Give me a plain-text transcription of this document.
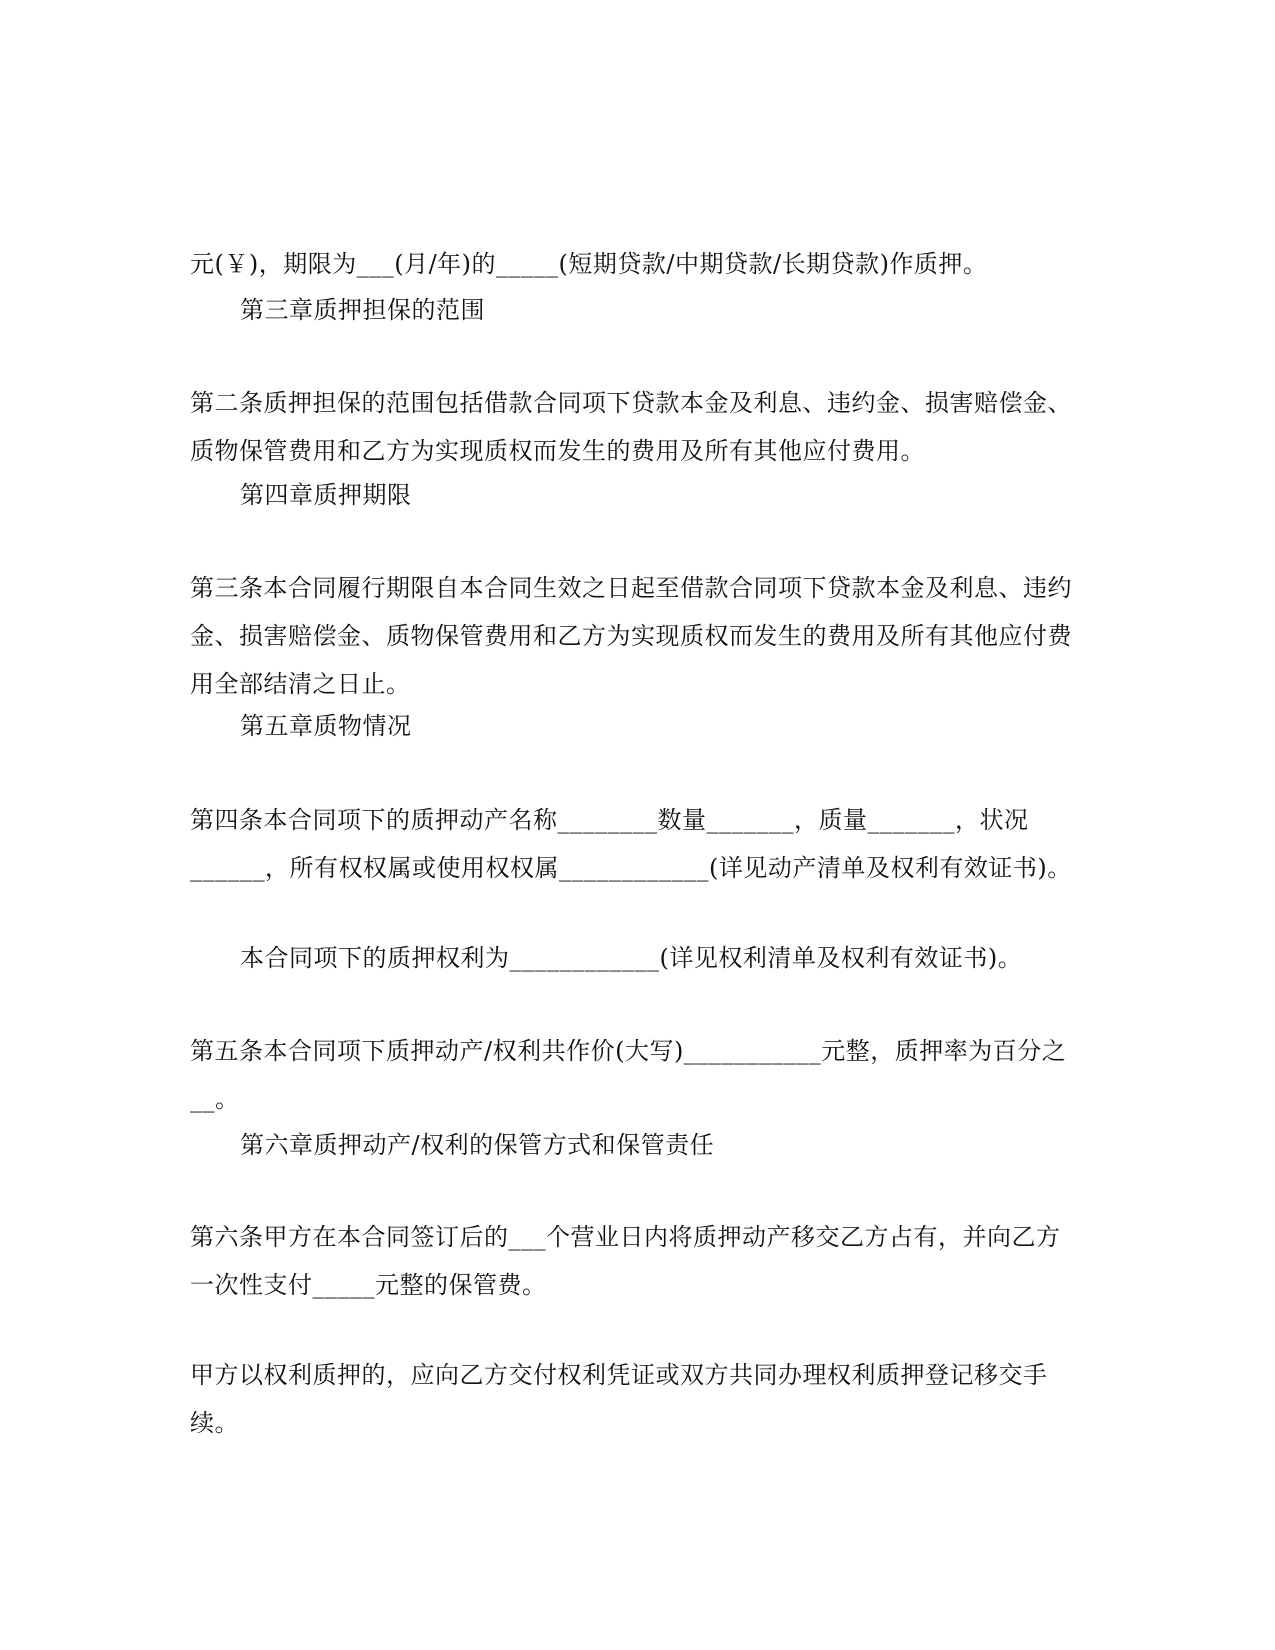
元(￥)，期限为___(月/年)的_____(短期贷款/中期贷款/长期贷款)作质押。

第三章质押担保的范围

第二条质押担保的范围包括借款合同项下贷款本金及利息、违约金、损害赔偿金、质物保管费用和乙方为实现质权而发生的费用及所有其他应付费用。

第四章质押期限

第三条本合同履行期限自本合同生效之日起至借款合同项下贷款本金及利息、违约金、损害赔偿金、质物保管费用和乙方为实现质权而发生的费用及所有其他应付费用全部结清之日止。

第五章质物情况

第四条本合同项下的质押动产名称________数量_______，质量_______，状况______，所有权权属或使用权权属____________(详见动产清单及权利有效证书)。

本合同项下的质押权利为____________(详见权利清单及权利有效证书)。

第五条本合同项下质押动产/权利共作价(大写)___________元整，质押率为百分之__。

第六章质押动产/权利的保管方式和保管责任

第六条甲方在本合同签订后的___个营业日内将质押动产移交乙方占有，并向乙方一次性支付_____元整的保管费。

甲方以权利质押的，应向乙方交付权利凭证或双方共同办理权利质押登记移交手续。
